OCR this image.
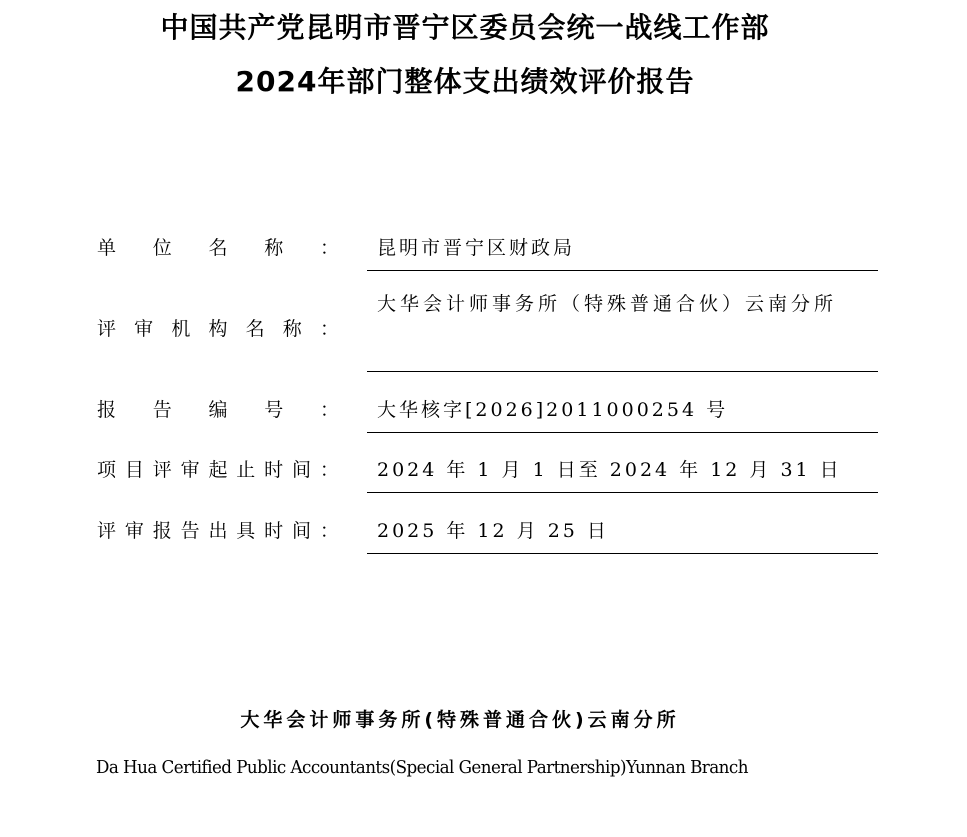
中国共产党昆明市晋宁区委员会统一战线工作部
2024年部门整体支出绩效评价报告
单 位 名 称 ： 昆明市晋宁区财政局
评 审 机 构 名 称 ：
大华会计师事务所（特殊普通合伙）云南分所
报 告 编 号 ： 大华核字[2026]2011000254 号
项 目 评 审 起 止 时 间 ： 2024 年 1 月 1 日至 2024 年 12 月 31 日
评 审 报 告 出 具 时 间 ： 2025 年 12 月 25 日
大华会计师事务所(特殊普通合伙)云南分所
Da Hua Certified Public Accountants(Special General Partnership)Yunnan Branch
